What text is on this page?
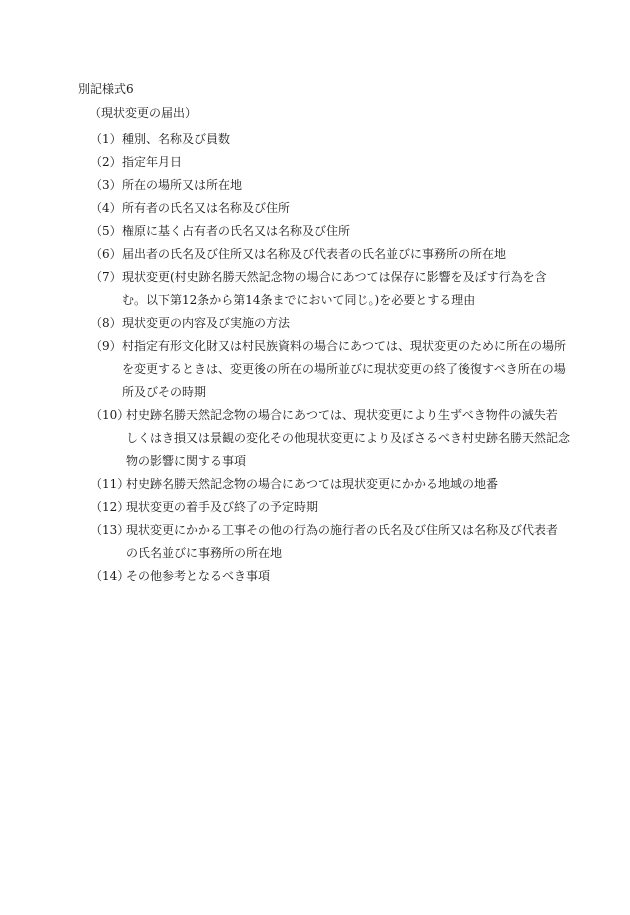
別記様式6
（現状変更の届出）
（1） 種別、名称及び員数
（2） 指定年月日
（3） 所在の場所又は所在地
（4） 所有者の氏名又は名称及び住所
（5） 権原に基く占有者の氏名又は名称及び住所
（6） 届出者の氏名及び住所又は名称及び代表者の氏名並びに事務所の所在地
（7） 現状変更(村史跡名勝天然記念物の場合にあつては保存に影響を及ぼす行為を含
む。以下第12条から第14条までにおいて同じ。)を必要とする理由
（8） 現状変更の内容及び実施の方法
（9） 村指定有形文化財又は村民族資料の場合にあつては、現状変更のために所在の場所
を変更するときは、変更後の所在の場所並びに現状変更の終了後復すべき所在の場
所及びその時期
（10）
村史跡名勝天然記念物の場合にあつては、現状変更により生ずべき物件の滅失若
しくはき損又は景観の変化その他現状変更により及ぼさるべき村史跡名勝天然記念
物の影響に関する事項
（11）
村史跡名勝天然記念物の場合にあつては現状変更にかかる地域の地番
（12）
現状変更の着手及び終了の予定時期
（13）
現状変更にかかる工事その他の行為の施行者の氏名及び住所又は名称及び代表者
の氏名並びに事務所の所在地
（14）
その他参考となるべき事項
